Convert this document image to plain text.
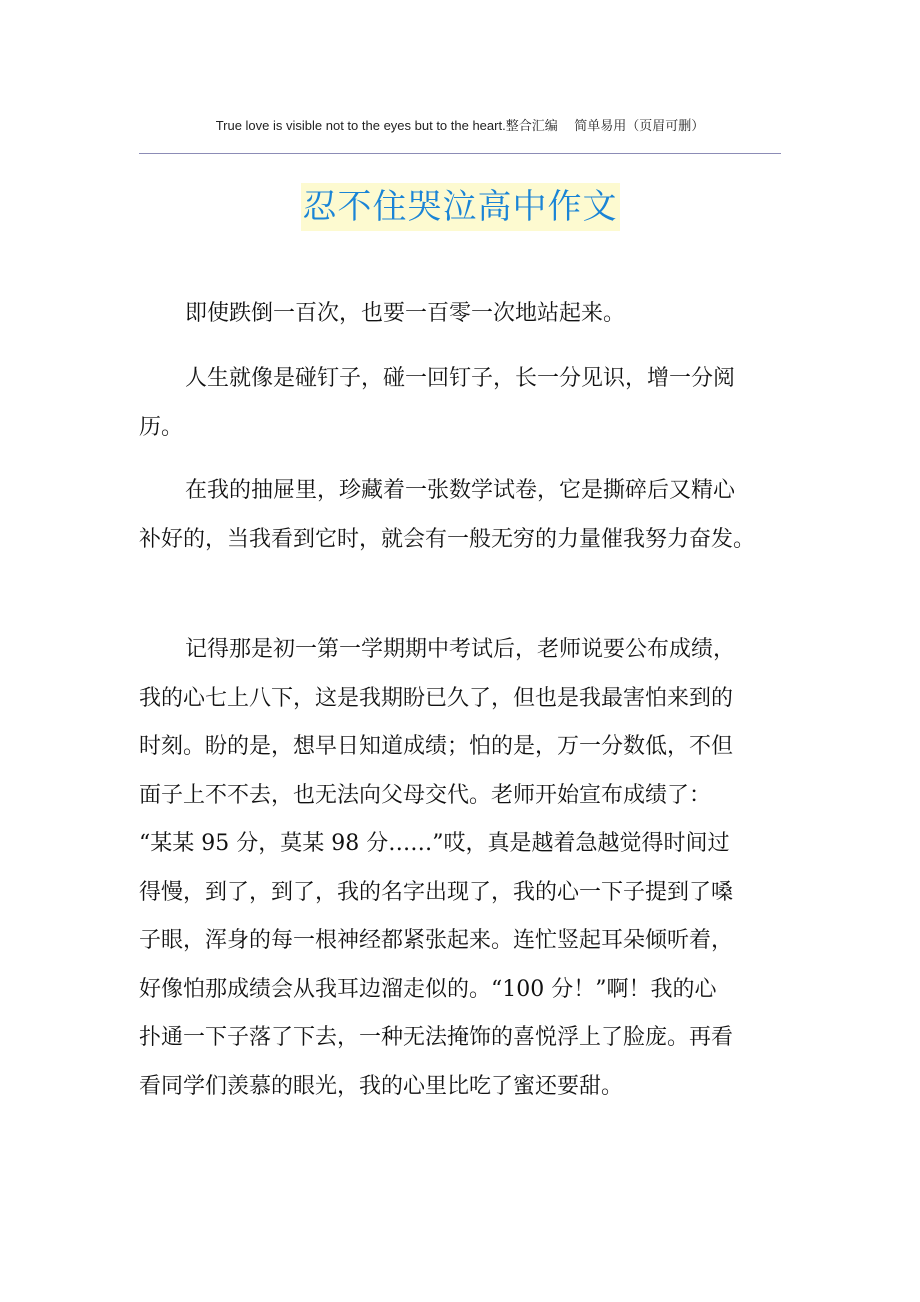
True love is visible not to the eyes but to the heart.整合汇编　 简单易用（页眉可删）
忍不住哭泣高中作文
即使跌倒一百次，也要一百零一次地站起来。
人生就像是碰钉子，碰一回钉子，长一分见识，增一分阅
历。
在我的抽屉里，珍藏着一张数学试卷，它是撕碎后又精心
补好的，当我看到它时，就会有一般无穷的力量催我努力奋发。
记得那是初一第一学期期中考试后，老师说要公布成绩，
我的心七上八下，这是我期盼已久了，但也是我最害怕来到的
时刻。盼的是，想早日知道成绩；怕的是，万一分数低，不但
面子上不不去，也无法向父母交代。老师开始宣布成绩了：
“某某 95 分，莫某 98 分……”哎，真是越着急越觉得时间过
得慢，到了，到了，我的名字出现了，我的心一下子提到了嗓
子眼，浑身的每一根神经都紧张起来。连忙竖起耳朵倾听着，
好像怕那成绩会从我耳边溜走似的。“100 分！”啊！我的心
扑通一下子落了下去，一种无法掩饰的喜悦浮上了脸庞。再看
看同学们羡慕的眼光，我的心里比吃了蜜还要甜。
